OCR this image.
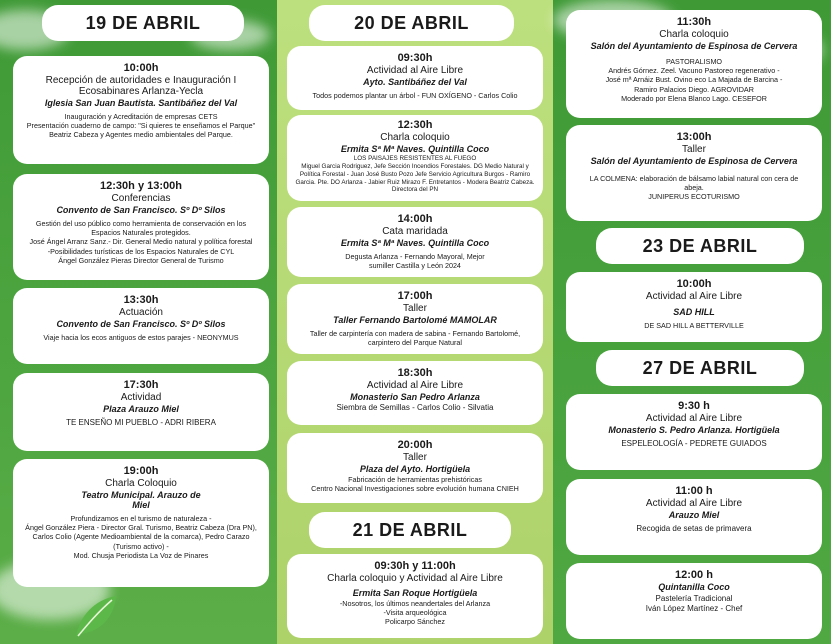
19 DE ABRIL	20 DE ABRIL
21 DE ABRIL
23 DE ABRIL
27 DE ABRIL
10:00h
Recepción de autoridades e Inauguración I Ecosabinares Arlanza-Yecla
Iglesia San Juan Bautista. Santibáñez del Val
Inauguración y Acreditación de empresas CETS
Presentación cuaderno de campo: "Si quieres te enseñamos el Parque" Beatriz Cabeza y Agentes medio ambientales del Parque.
12:30h y 13:00h
Conferencias
Convento de San Francisco. Sº Dº Silos
Gestión del uso público como herramienta de conservación en los Espacios Naturales protegidos.
José Ángel Arranz Sanz.- Dir. General Medio natural y política forestal
-Posibilidades turísticas de los Espacios Naturales de CYL
Ángel González Pieras Director General de Turismo
13:30h
Actuación
Convento de San Francisco. Sº Dº Silos
Viaje hacia los ecos antiguos de estos parajes - NEONYMUS
17:30h
Actividad
Plaza Arauzo Miel
TE ENSEÑO MI PUEBLO - ADRI RIBERA
19:00h
Charla Coloquio
Teatro Municipal. Arauzo de Miel
Profundizamos en el turismo de naturaleza -
Ángel González Piera - Director Gral. Turismo, Beatriz Cabeza (Dra PN), Carlos Colio (Agente Medioambiental de la comarca), Pedro Carazo (Turismo activo) -
Mod. Chusja Periodista La Voz de Pinares
09:30h
Actividad al Aire Libre
Ayto. Santibáñez del Val
Todos podemos plantar un árbol - FUN OXÍGENO - Carlos Colio
12:30h
Charla coloquio
Ermita Sª Mª Naves. Quintilla Coco
LOS PAISAJES RESISTENTES AL FUEGO
Miguel Garcia Rodriguez, Jefe Sección Incendios Forestales. DG Medio Natural y Política Forestal - Juan José Busto Pozo Jefe Servicio Agricultura Burgos - Ramiro Garcia. Pte. DO Arlanza - Jabier Ruiz Mirazo F. Entretantos - Modera Beatriz Cabeza. Directora del PN
14:00h
Cata maridada
Ermita Sª Mª Naves. Quintilla Coco
Degusta Arlanza - Fernando Mayoral, Mejor sumiller Castilla y León 2024
17:00h
Taller
Taller Fernando Bartolomé MAMOLAR
Taller de carpintería con madera de sabina - Fernando Bartolomé, carpintero del Parque Natural
18:30h
Actividad al Aire Libre
Monasterio San Pedro Arlanza
Siembra de Semillas - Carlos Colio - Silvatia
20:00h
Taller
Plaza del Ayto. Hortigüela
Fabricación de herramientas prehistóricas
Centro Nacional Investigaciones sobre evolución humana CNIEH
09:30h y 11:00h
Charla coloquio y Actividad al Aire Libre
Ermita San Roque Hortigüela
-Nosotros, los últimos neandertales del Arlanza
-Visita arqueológica
Policarpo Sánchez
11:30h
Charla coloquio
Salón del Ayuntamiento de Espinosa de Cervera
PASTORALISMO
Andrés Górnez. Zeel. Vacuno Pastoreo regenerativo -
José mª Arnáiz Bust. Ovino eco La Majada de Barcina -
Ramiro Palacios Diego. AGROVIDAR
Moderado por Elena Blanco Lago. CESEFOR
13:00h
Taller
Salón del Ayuntamiento de Espinosa de Cervera
LA COLMENA: elaboración de bálsamo labial natural con cera de abeja.
JUNIPERUS ECOTURISMO
10:00h
Actividad al Aire Libre
SAD HILL
DE SAD HILL A BETTERVILLE
9:30 h
Actividad al Aire Libre
Monasterio S. Pedro Arlanza. Hortigüela
ESPELEOLOGÍA - PEDRETE GUIADOS
11:00 h
Actividad al Aire Libre
Arauzo Miel
Recogida de setas de primavera
12:00 h
Quintanilla Coco
Pastelería Tradicional
Iván López Martínez - Chef
